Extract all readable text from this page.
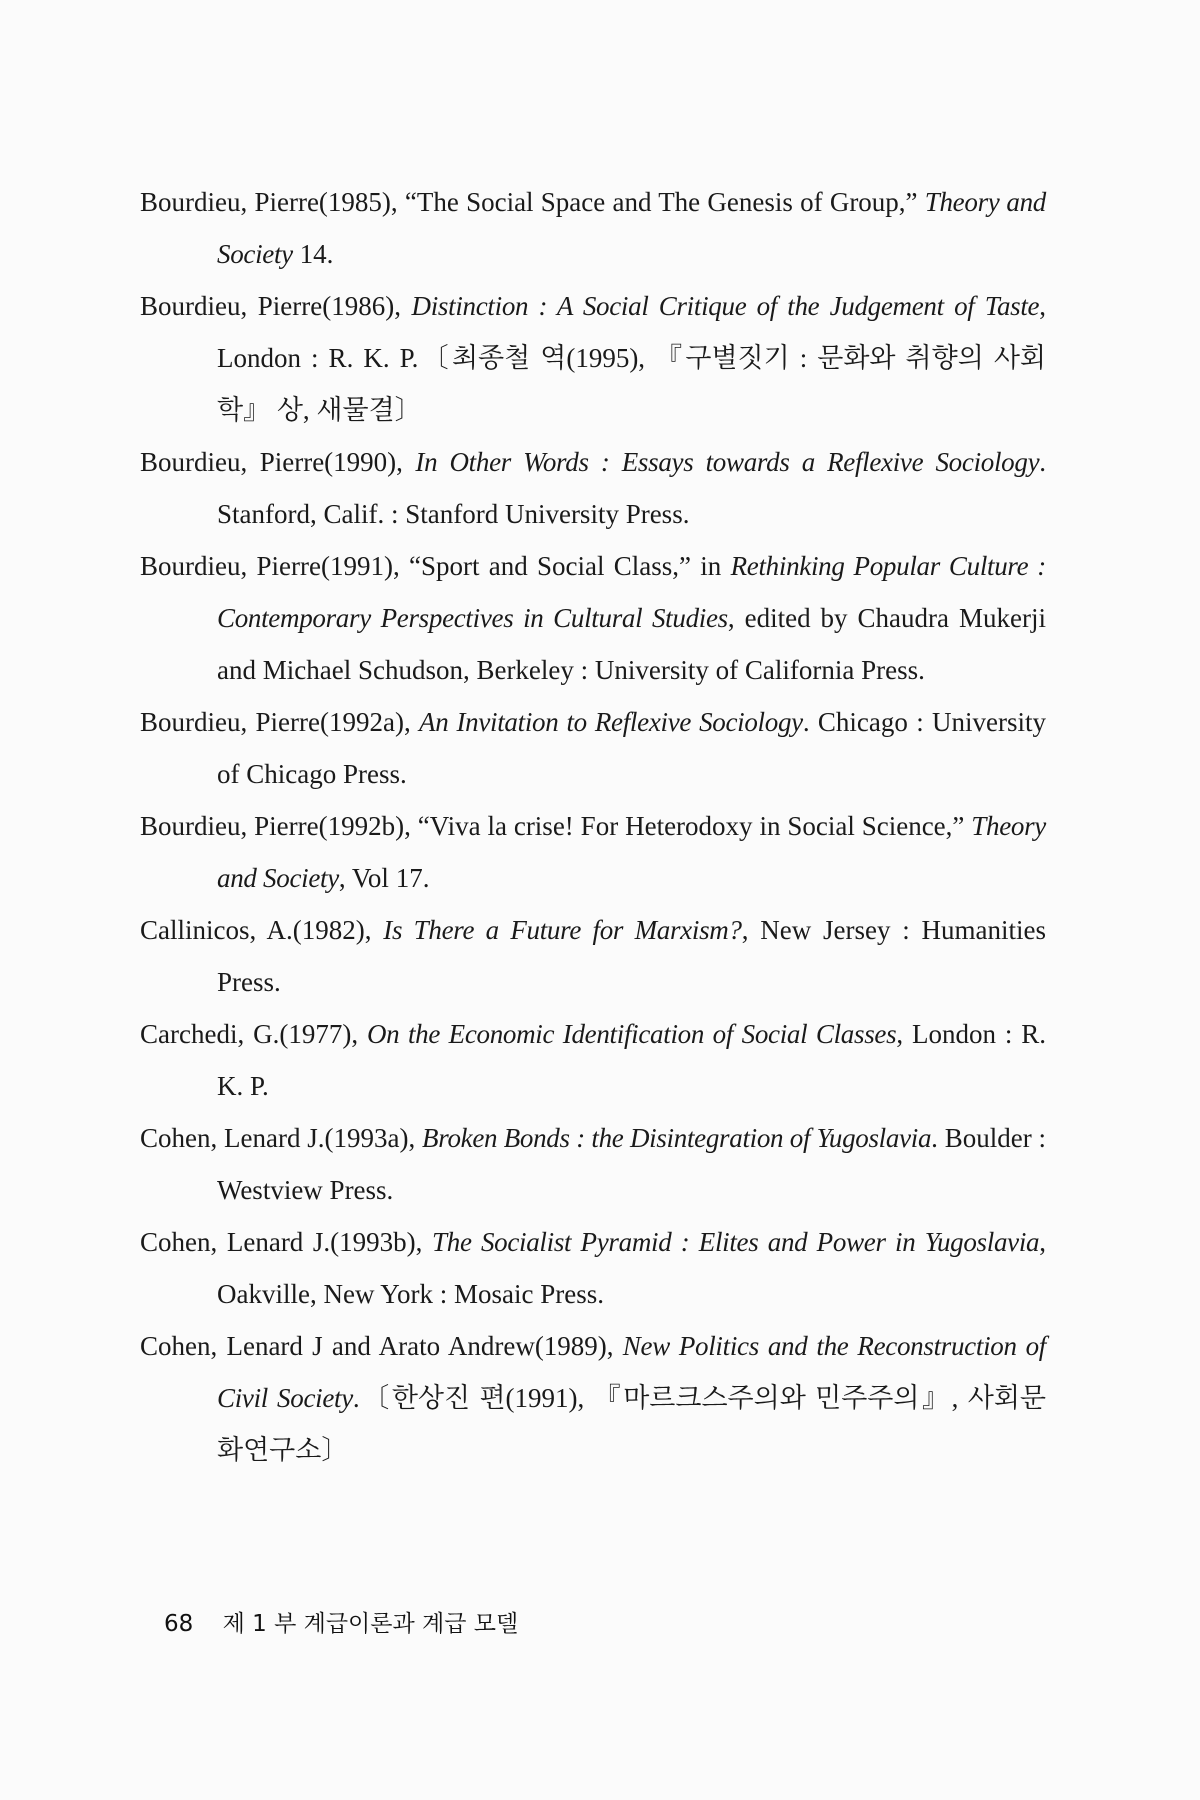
Bourdieu, Pierre(1985), “The Social Space and The Genesis of Group,” Theory and Society 14.

Bourdieu, Pierre(1986), Distinction : A Social Critique of the Judgement of Taste, London : R. K. P.〔최종철 역(1995), 『구별짓기 : 문화와 취향의 사회학』 상, 새물결〕

Bourdieu, Pierre(1990), In Other Words : Essays towards a Reflexive Sociology. Stanford, Calif. : Stanford University Press.

Bourdieu, Pierre(1991), “Sport and Social Class,” in Rethinking Popular Culture : Contemporary Perspectives in Cultural Studies, edited by Chaudra Mukerji and Michael Schudson, Berkeley : University of California Press.

Bourdieu, Pierre(1992a), An Invitation to Reflexive Sociology. Chicago : University of Chicago Press.

Bourdieu, Pierre(1992b), “Viva la crise! For Heterodoxy in Social Science,” Theory and Society, Vol 17.

Callinicos, A.(1982), Is There a Future for Marxism?, New Jersey : Humanities Press.

Carchedi, G.(1977), On the Economic Identification of Social Classes, London : R. K. P.

Cohen, Lenard J.(1993a), Broken Bonds : the Disintegration of Yugoslavia. Boulder : Westview Press.

Cohen, Lenard J.(1993b), The Socialist Pyramid : Elites and Power in Yugoslavia, Oakville, New York : Mosaic Press.

Cohen, Lenard J and Arato Andrew(1989), New Politics and the Reconstruction of Civil Society.〔한상진 편(1991), 『마르크스주의와 민주주의』, 사회문화연구소〕

68 제 1 부 계급이론과 계급 모델
